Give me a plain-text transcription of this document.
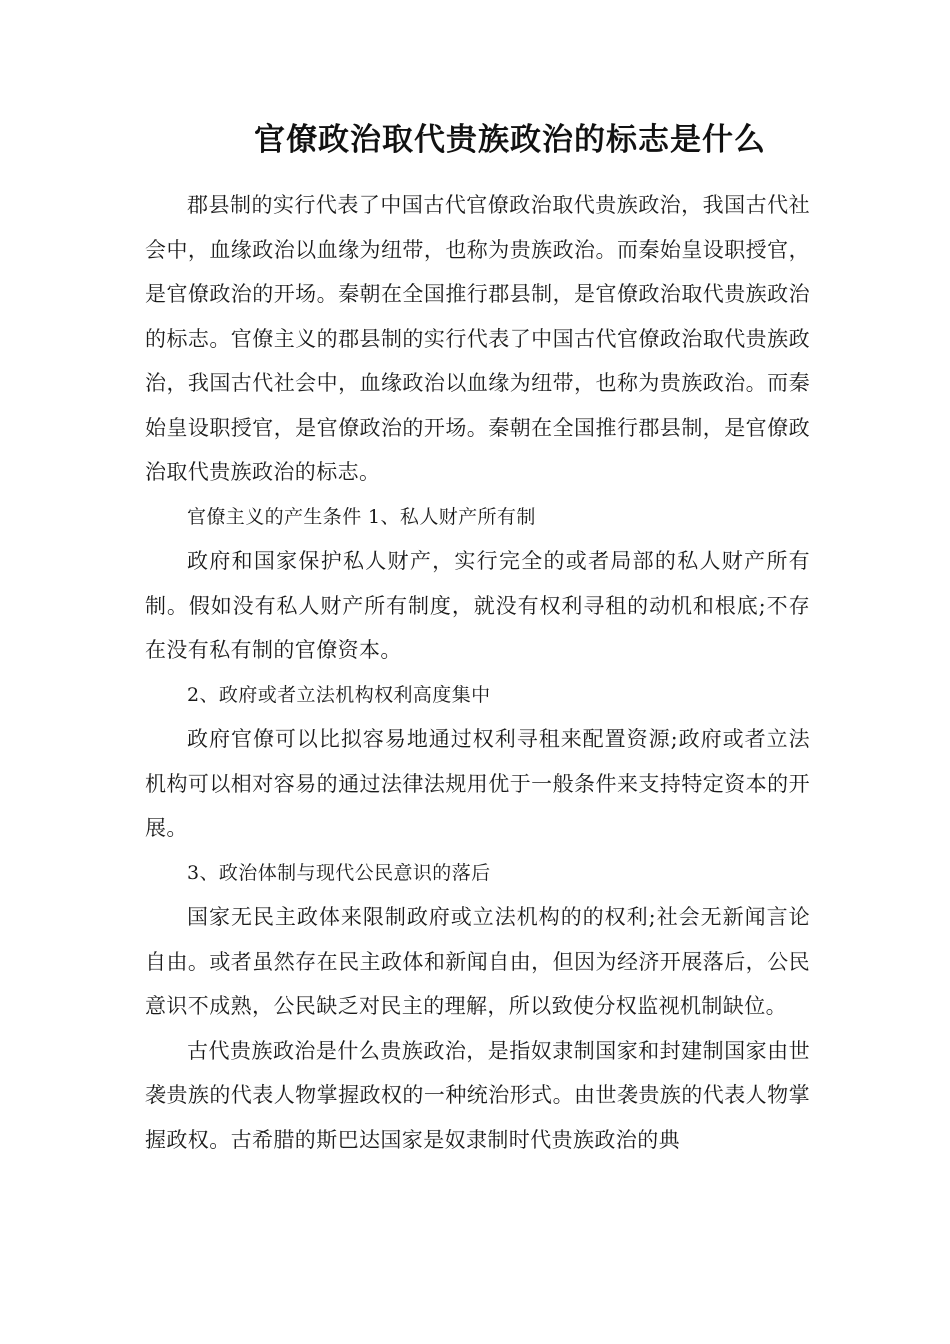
官僚政治取代贵族政治的标志是什么

郡县制的实行代表了中国古代官僚政治取代贵族政治，我国古代社会中，血缘政治以血缘为纽带，也称为贵族政治。而秦始皇设职授官，是官僚政治的开场。秦朝在全国推行郡县制，是官僚政治取代贵族政治的标志。官僚主义的郡县制的实行代表了中国古代官僚政治取代贵族政治，我国古代社会中，血缘政治以血缘为纽带，也称为贵族政治。而秦始皇设职授官，是官僚政治的开场。秦朝在全国推行郡县制，是官僚政治取代贵族政治的标志。

官僚主义的产生条件 1、私人财产所有制

政府和国家保护私人财产，实行完全的或者局部的私人财产所有制。假如没有私人财产所有制度，就没有权利寻租的动机和根底;不存在没有私有制的官僚资本。

2、政府或者立法机构权利高度集中

政府官僚可以比拟容易地通过权利寻租来配置资源;政府或者立法机构可以相对容易的通过法律法规用优于一般条件来支持特定资本的开展。

3、政治体制与现代公民意识的落后

国家无民主政体来限制政府或立法机构的的权利;社会无新闻言论自由。或者虽然存在民主政体和新闻自由，但因为经济开展落后，公民意识不成熟，公民缺乏对民主的理解，所以致使分权监视机制缺位。

古代贵族政治是什么贵族政治，是指奴隶制国家和封建制国家由世袭贵族的代表人物掌握政权的一种统治形式。由世袭贵族的代表人物掌握政权。古希腊的斯巴达国家是奴隶制时代贵族政治的典
